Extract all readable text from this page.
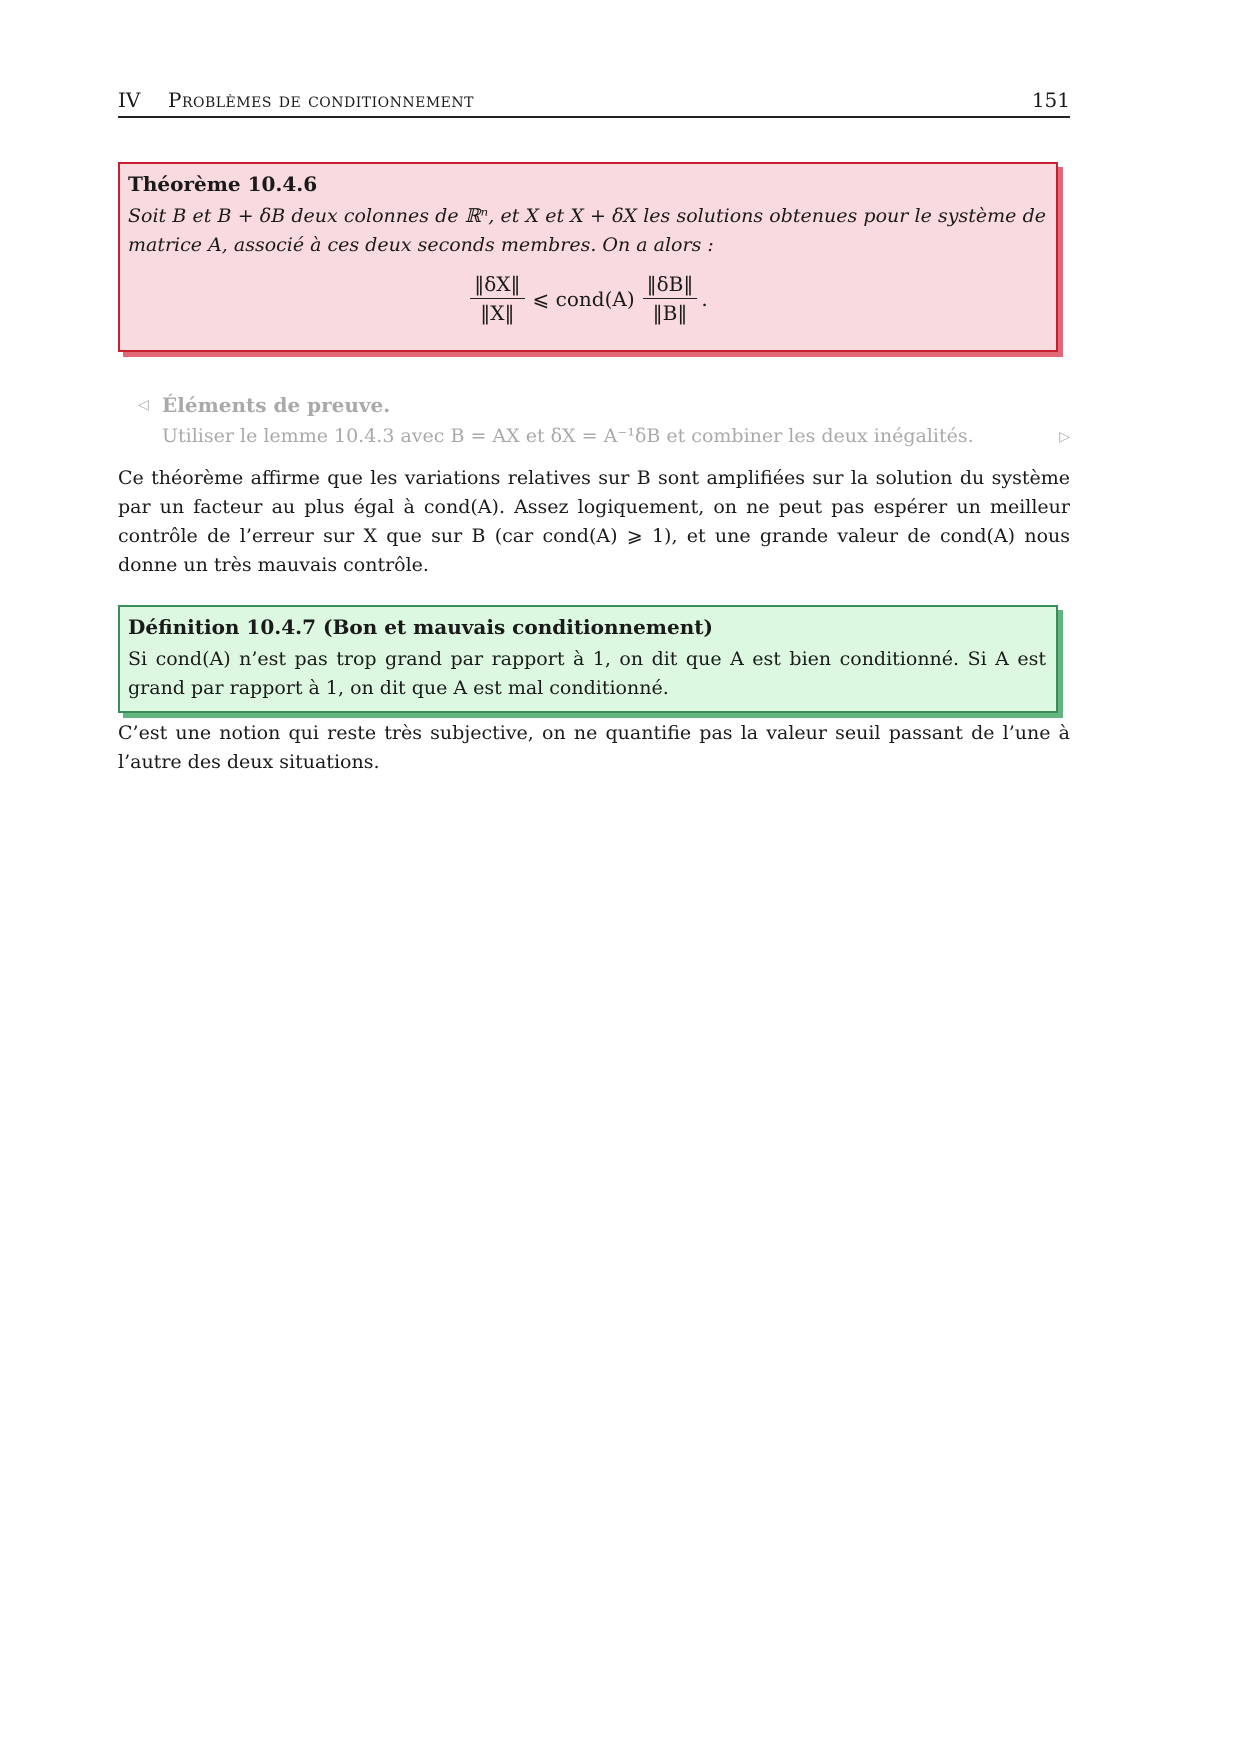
IV Problèmes de conditionnement	151
Théorème 10.4.6
Soit B et B + δB deux colonnes de ℝⁿ, et X et X + δX les solutions obtenues pour le système de matrice A, associé à ces deux seconds membres. On a alors :
$\frac{‖\delta X‖}{‖X‖}$ ⩽ cond(A) $\frac{‖\delta B‖}{‖B‖}$ .
◁ Éléments de preuve.
Utiliser le lemme 10.4.3 avec B = AX et δX = A⁻¹δB et combiner les deux inégalités.	▷
Ce théorème affirme que les variations relatives sur B sont amplifiées sur la solution du système par un facteur au plus égal à cond(A). Assez logiquement, on ne peut pas espérer un meilleur contrôle de l’erreur sur X que sur B (car cond(A) ⩾ 1), et une grande valeur de cond(A) nous donne un très mauvais contrôle.
Définition 10.4.7 (Bon et mauvais conditionnement)
Si cond(A) n’est pas trop grand par rapport à 1, on dit que A est bien conditionné. Si A est grand par rapport à 1, on dit que A est mal conditionné.
C’est une notion qui reste très subjective, on ne quantifie pas la valeur seuil passant de l’une à l’autre des deux situations.
